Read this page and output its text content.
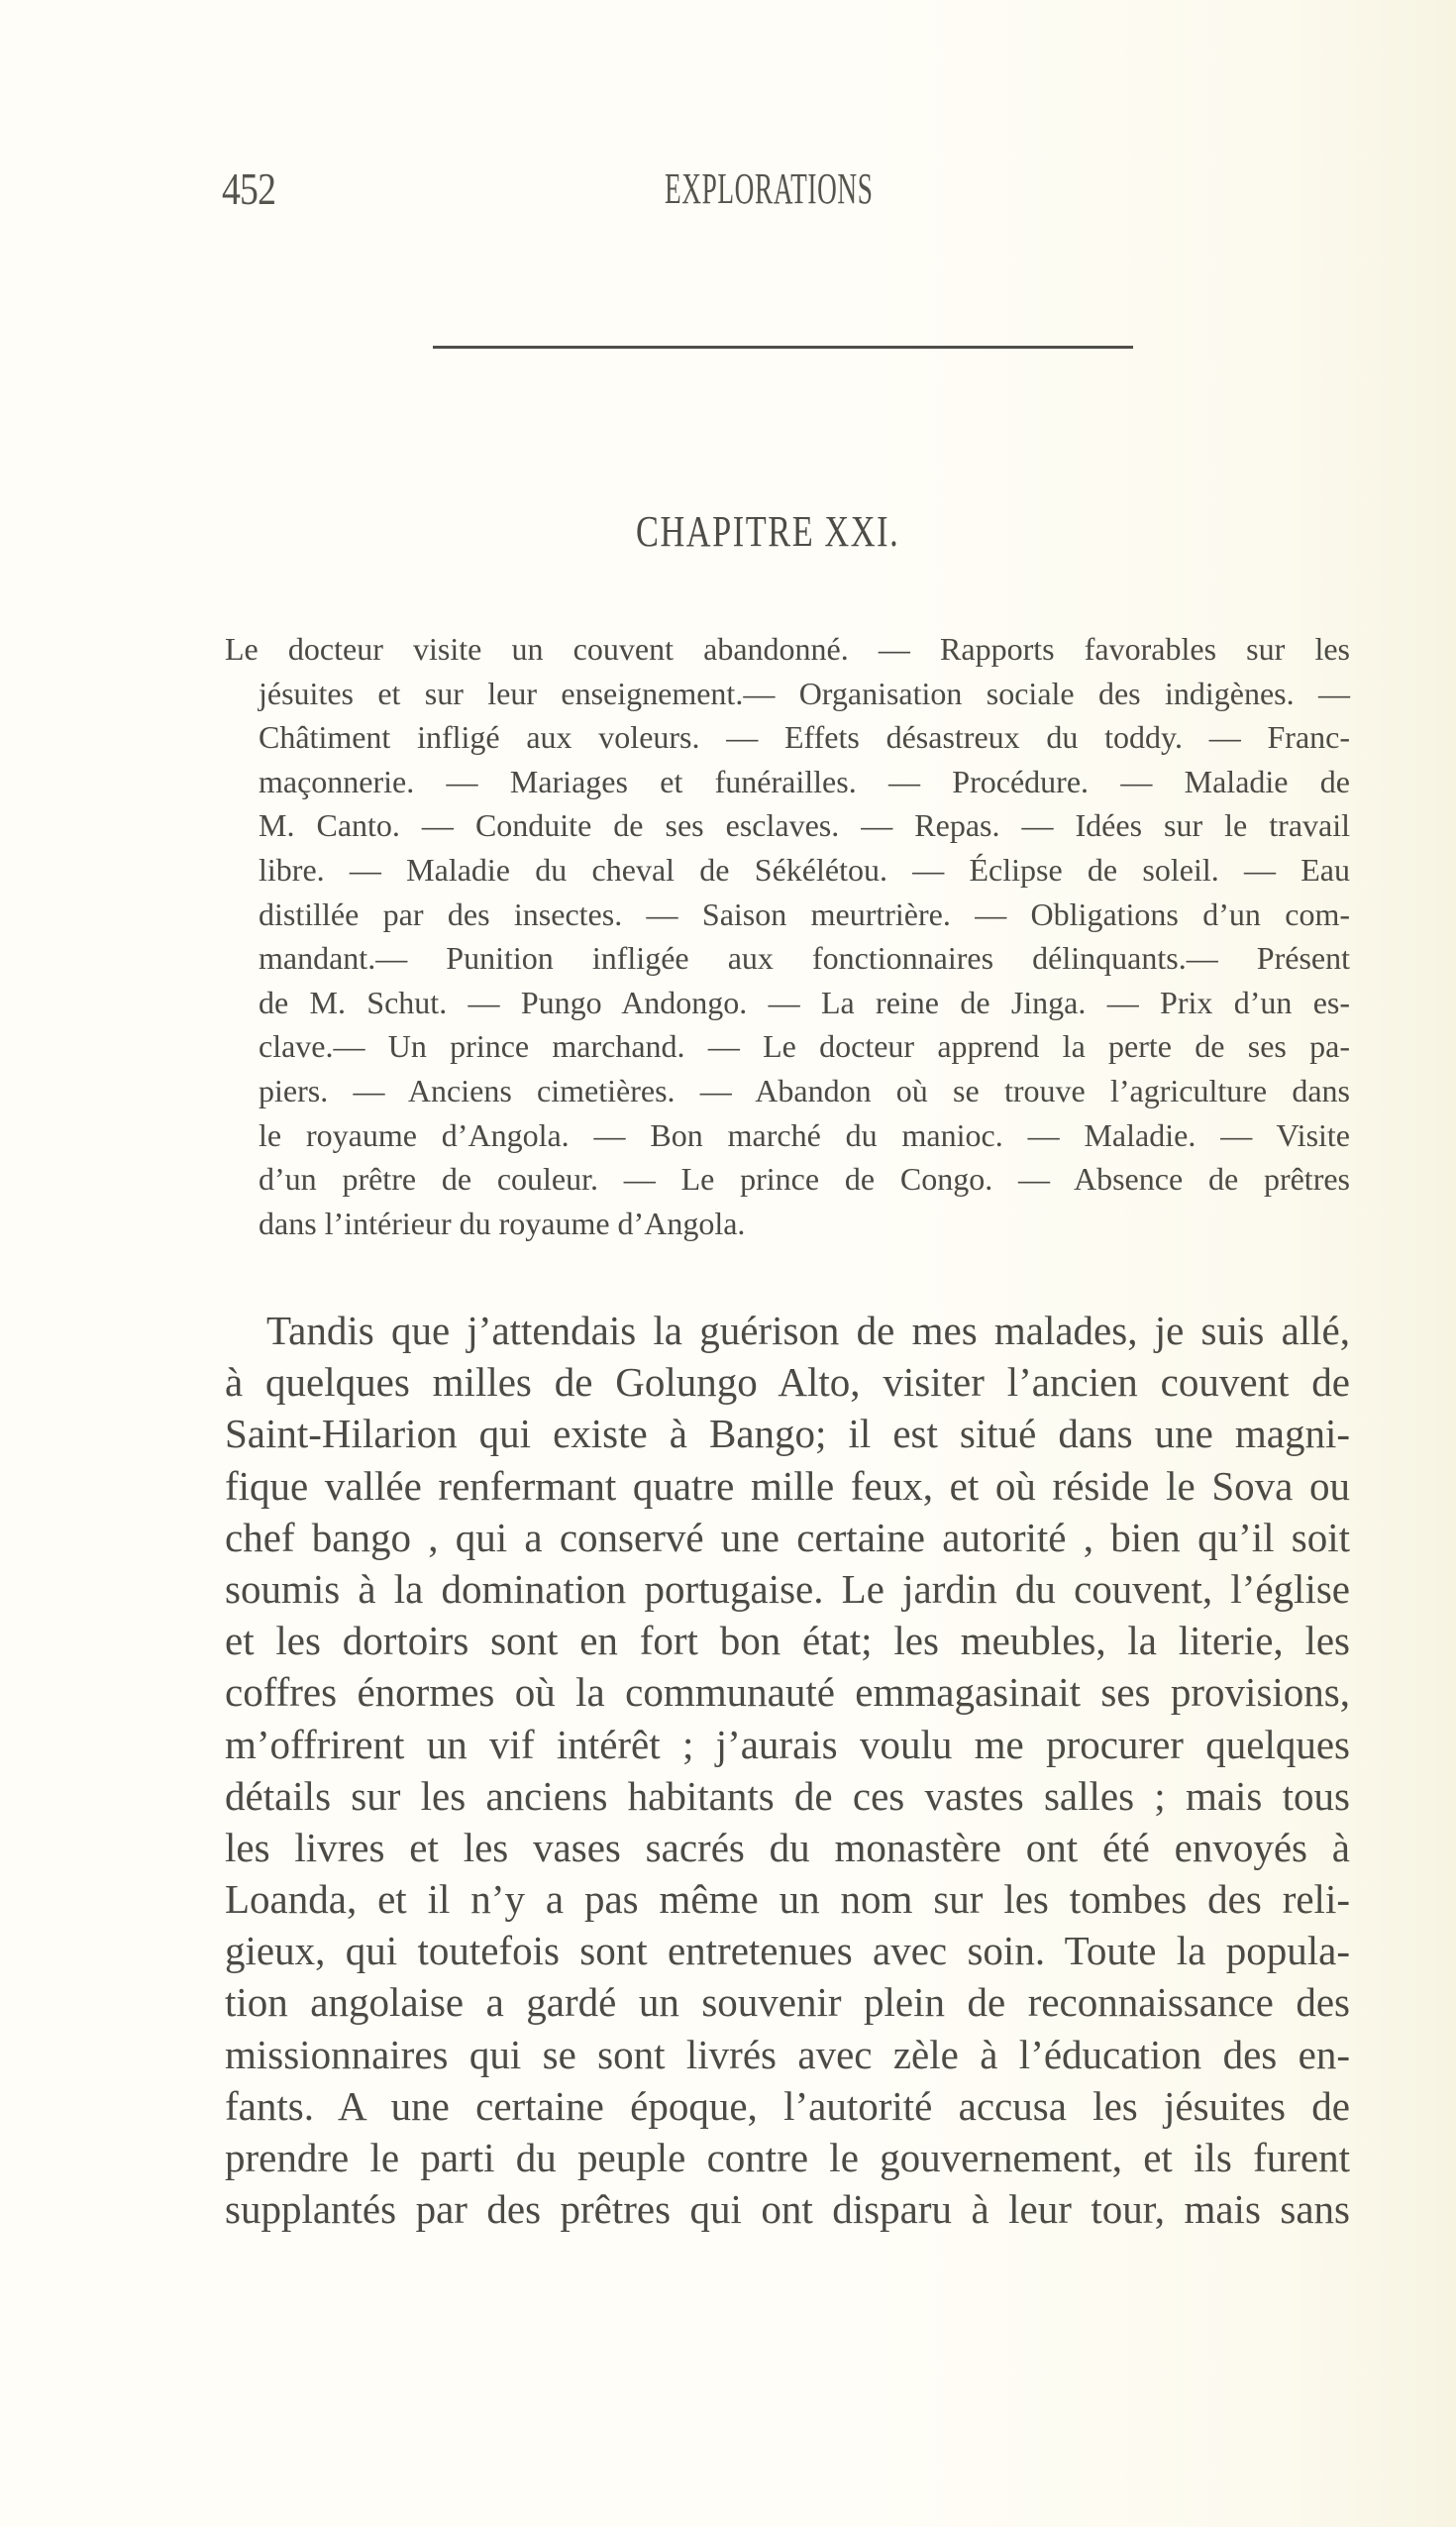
452	EXPLORATIONS
CHAPITRE XXI.
Le docteur visite un couvent abandonné. — Rapports favorables sur les
jésuites et sur leur enseignement.— Organisation sociale des indigènes. —
Châtiment infligé aux voleurs. — Effets désastreux du toddy. — Franc-
maçonnerie. — Mariages et funérailles. — Procédure. — Maladie de
M. Canto. — Conduite de ses esclaves. — Repas. — Idées sur le travail
libre. — Maladie du cheval de Sékélétou. — Éclipse de soleil. — Eau
distillée par des insectes. — Saison meurtrière. — Obligations d’un com-
mandant.— Punition infligée aux fonctionnaires délinquants.— Présent
de M. Schut. — Pungo Andongo. — La reine de Jinga. — Prix d’un es-
clave.— Un prince marchand. — Le docteur apprend la perte de ses pa-
piers. — Anciens cimetières. — Abandon où se trouve l’agriculture dans
le royaume d’Angola. — Bon marché du manioc. — Maladie. — Visite
d’un prêtre de couleur. — Le prince de Congo. — Absence de prêtres
dans l’intérieur du royaume d’Angola.
Tandis que j’attendais la guérison de mes malades, je suis allé,
à quelques milles de Golungo Alto, visiter l’ancien couvent de
Saint-Hilarion qui existe à Bango; il est situé dans une magni-
fique vallée renfermant quatre mille feux, et où réside le Sova ou
chef bango , qui a conservé une certaine autorité , bien qu’il soit
soumis à la domination portugaise. Le jardin du couvent, l’église
et les dortoirs sont en fort bon état; les meubles, la literie, les
coffres énormes où la communauté emmagasinait ses provisions,
m’offrirent un vif intérêt ; j’aurais voulu me procurer quelques
détails sur les anciens habitants de ces vastes salles ; mais tous
les livres et les vases sacrés du monastère ont été envoyés à
Loanda, et il n’y a pas même un nom sur les tombes des reli-
gieux, qui toutefois sont entretenues avec soin. Toute la popula-
tion angolaise a gardé un souvenir plein de reconnaissance des
missionnaires qui se sont livrés avec zèle à l’éducation des en-
fants. A une certaine époque, l’autorité accusa les jésuites de
prendre le parti du peuple contre le gouvernement, et ils furent
supplantés par des prêtres qui ont disparu à leur tour, mais sans
